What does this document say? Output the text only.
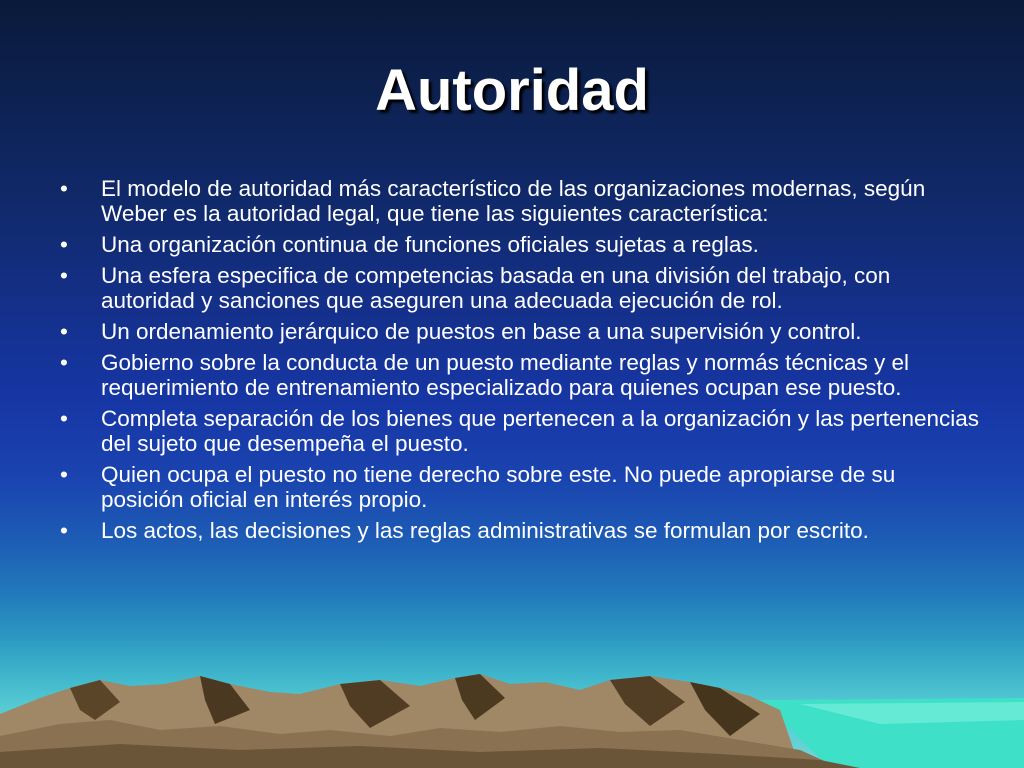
Autoridad
• El modelo de autoridad más característico de las organizaciones modernas, según Weber es la autoridad legal, que tiene las siguientes característica:
• Una organización continua de funciones oficiales sujetas a reglas.
• Una esfera especifica de competencias basada en una división del trabajo, con autoridad y sanciones que aseguren una adecuada ejecución de rol.
• Un ordenamiento jerárquico de puestos en base a una supervisión y control.
• Gobierno sobre la conducta de un puesto mediante reglas y normás técnicas y el requerimiento de entrenamiento especializado para quienes ocupan ese puesto.
• Completa separación de los bienes que pertenecen a la organización y las pertenencias del sujeto que desempeña el puesto.
• Quien ocupa el puesto no tiene derecho sobre este. No puede apropiarse de su posición oficial en interés propio.
• Los actos, las decisiones y las reglas administrativas se formulan por escrito.
